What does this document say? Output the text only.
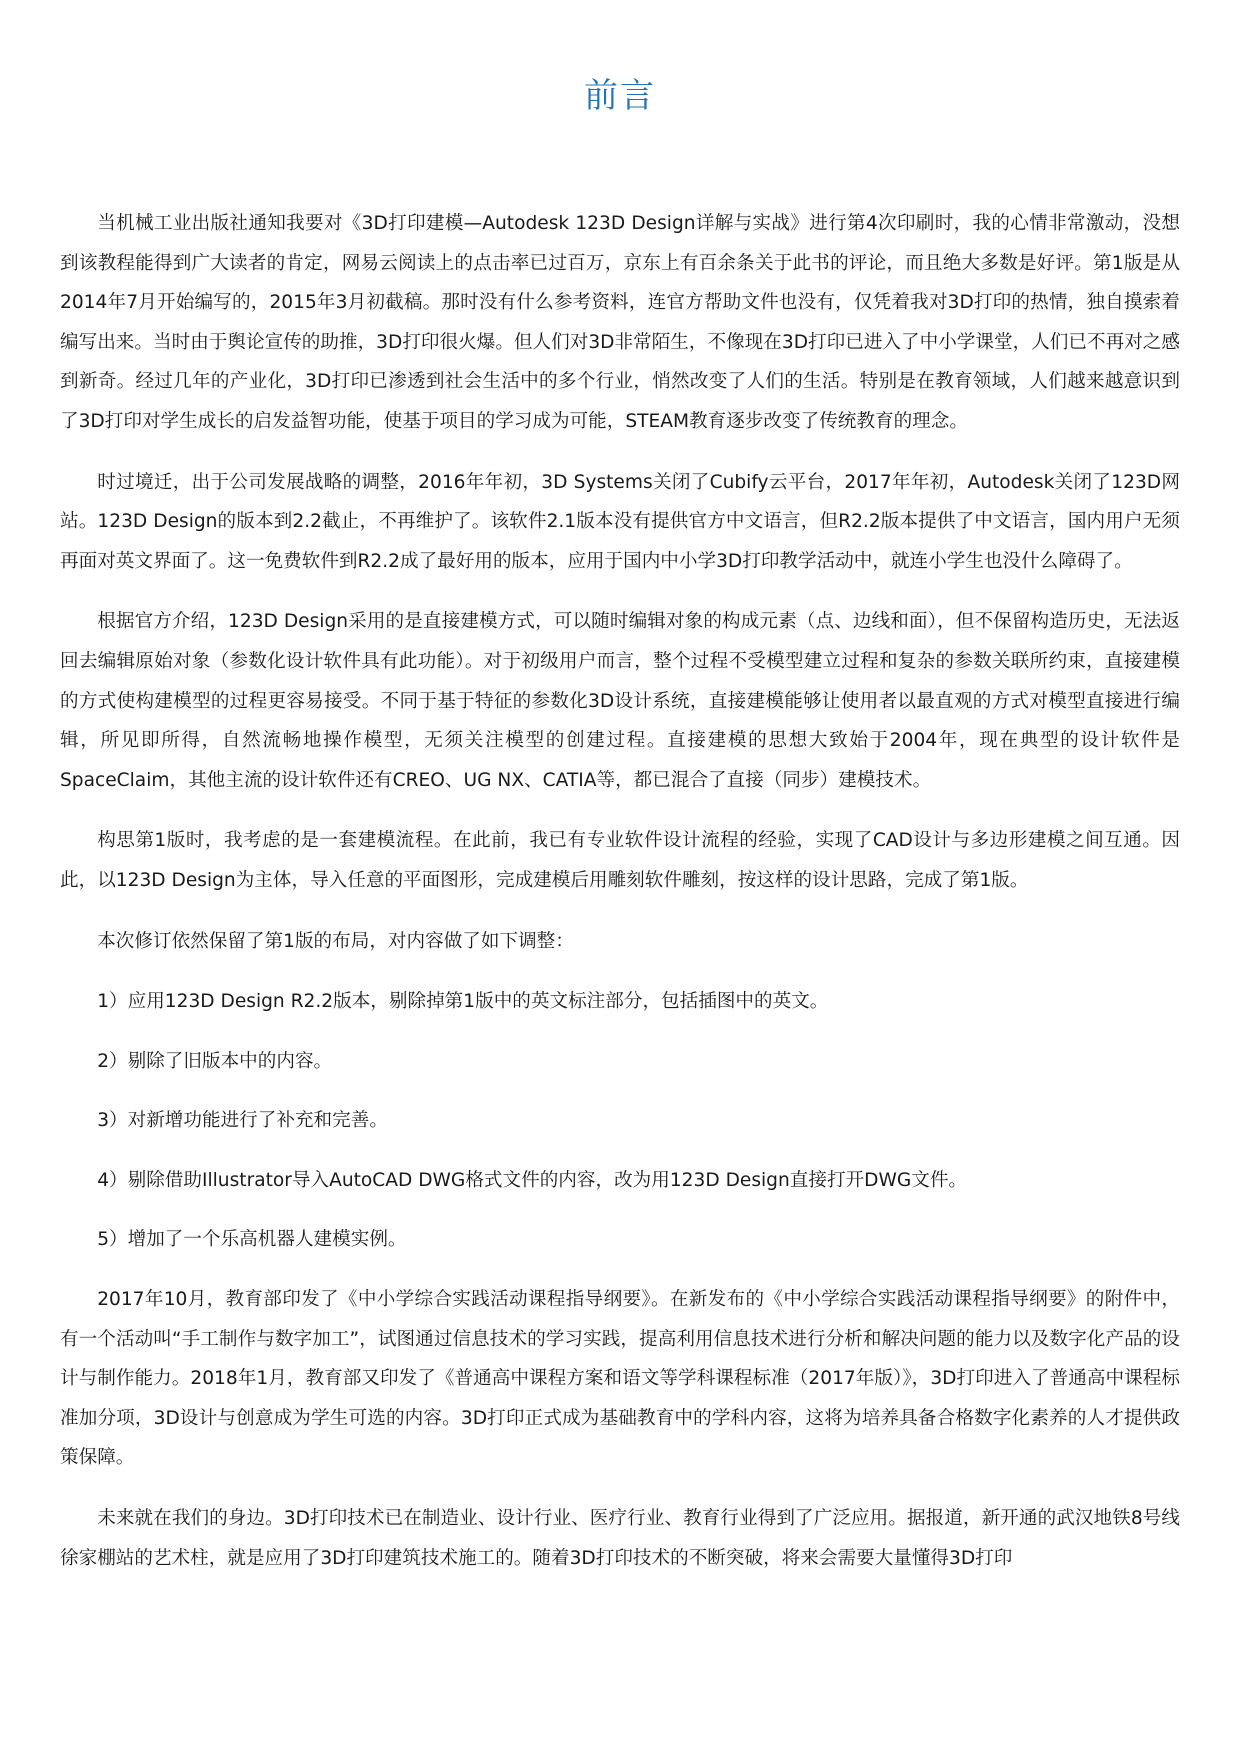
前言

当机械工业出版社通知我要对《3D打印建模—Autodesk 123D Design详解与实战》进行第4次印刷时，我的心情非常激动，没想到该教程能得到广大读者的肯定，网易云阅读上的点击率已过百万，京东上有百余条关于此书的评论，而且绝大多数是好评。第1版是从2014年7月开始编写的，2015年3月初截稿。那时没有什么参考资料，连官方帮助文件也没有，仅凭着我对3D打印的热情，独自摸索着编写出来。当时由于舆论宣传的助推，3D打印很火爆。但人们对3D非常陌生，不像现在3D打印已进入了中小学课堂，人们已不再对之感到新奇。经过几年的产业化，3D打印已渗透到社会生活中的多个行业，悄然改变了人们的生活。特别是在教育领域，人们越来越意识到了3D打印对学生成长的启发益智功能，使基于项目的学习成为可能，STEAM教育逐步改变了传统教育的理念。

时过境迁，出于公司发展战略的调整，2016年年初，3D Systems关闭了Cubify云平台，2017年年初，Autodesk关闭了123D网站。123D Design的版本到2.2截止，不再维护了。该软件2.1版本没有提供官方中文语言，但R2.2版本提供了中文语言，国内用户无须再面对英文界面了。这一免费软件到R2.2成了最好用的版本，应用于国内中小学3D打印教学活动中，就连小学生也没什么障碍了。

根据官方介绍，123D Design采用的是直接建模方式，可以随时编辑对象的构成元素（点、边线和面），但不保留构造历史，无法返回去编辑原始对象（参数化设计软件具有此功能）。对于初级用户而言，整个过程不受模型建立过程和复杂的参数关联所约束，直接建模的方式使构建模型的过程更容易接受。不同于基于特征的参数化3D设计系统，直接建模能够让使用者以最直观的方式对模型直接进行编辑，所见即所得，自然流畅地操作模型，无须关注模型的创建过程。直接建模的思想大致始于2004年，现在典型的设计软件是SpaceClaim，其他主流的设计软件还有CREO、UG NX、CATIA等，都已混合了直接（同步）建模技术。

构思第1版时，我考虑的是一套建模流程。在此前，我已有专业软件设计流程的经验，实现了CAD设计与多边形建模之间互通。因此，以123D Design为主体，导入任意的平面图形，完成建模后用雕刻软件雕刻，按这样的设计思路，完成了第1版。

本次修订依然保留了第1版的布局，对内容做了如下调整：

1）应用123D Design R2.2版本，剔除掉第1版中的英文标注部分，包括插图中的英文。

2）剔除了旧版本中的内容。

3）对新增功能进行了补充和完善。

4）剔除借助Illustrator导入AutoCAD DWG格式文件的内容，改为用123D Design直接打开DWG文件。

5）增加了一个乐高机器人建模实例。

2017年10月，教育部印发了《中小学综合实践活动课程指导纲要》。在新发布的《中小学综合实践活动课程指导纲要》的附件中，有一个活动叫“手工制作与数字加工”，试图通过信息技术的学习实践，提高利用信息技术进行分析和解决问题的能力以及数字化产品的设计与制作能力。2018年1月，教育部又印发了《普通高中课程方案和语文等学科课程标准（2017年版）》，3D打印进入了普通高中课程标准加分项，3D设计与创意成为学生可选的内容。3D打印正式成为基础教育中的学科内容，这将为培养具备合格数字化素养的人才提供政策保障。

未来就在我们的身边。3D打印技术已在制造业、设计行业、医疗行业、教育行业得到了广泛应用。据报道，新开通的武汉地铁8号线徐家棚站的艺术柱，就是应用了3D打印建筑技术施工的。随着3D打印技术的不断突破，将来会需要大量懂得3D打印
